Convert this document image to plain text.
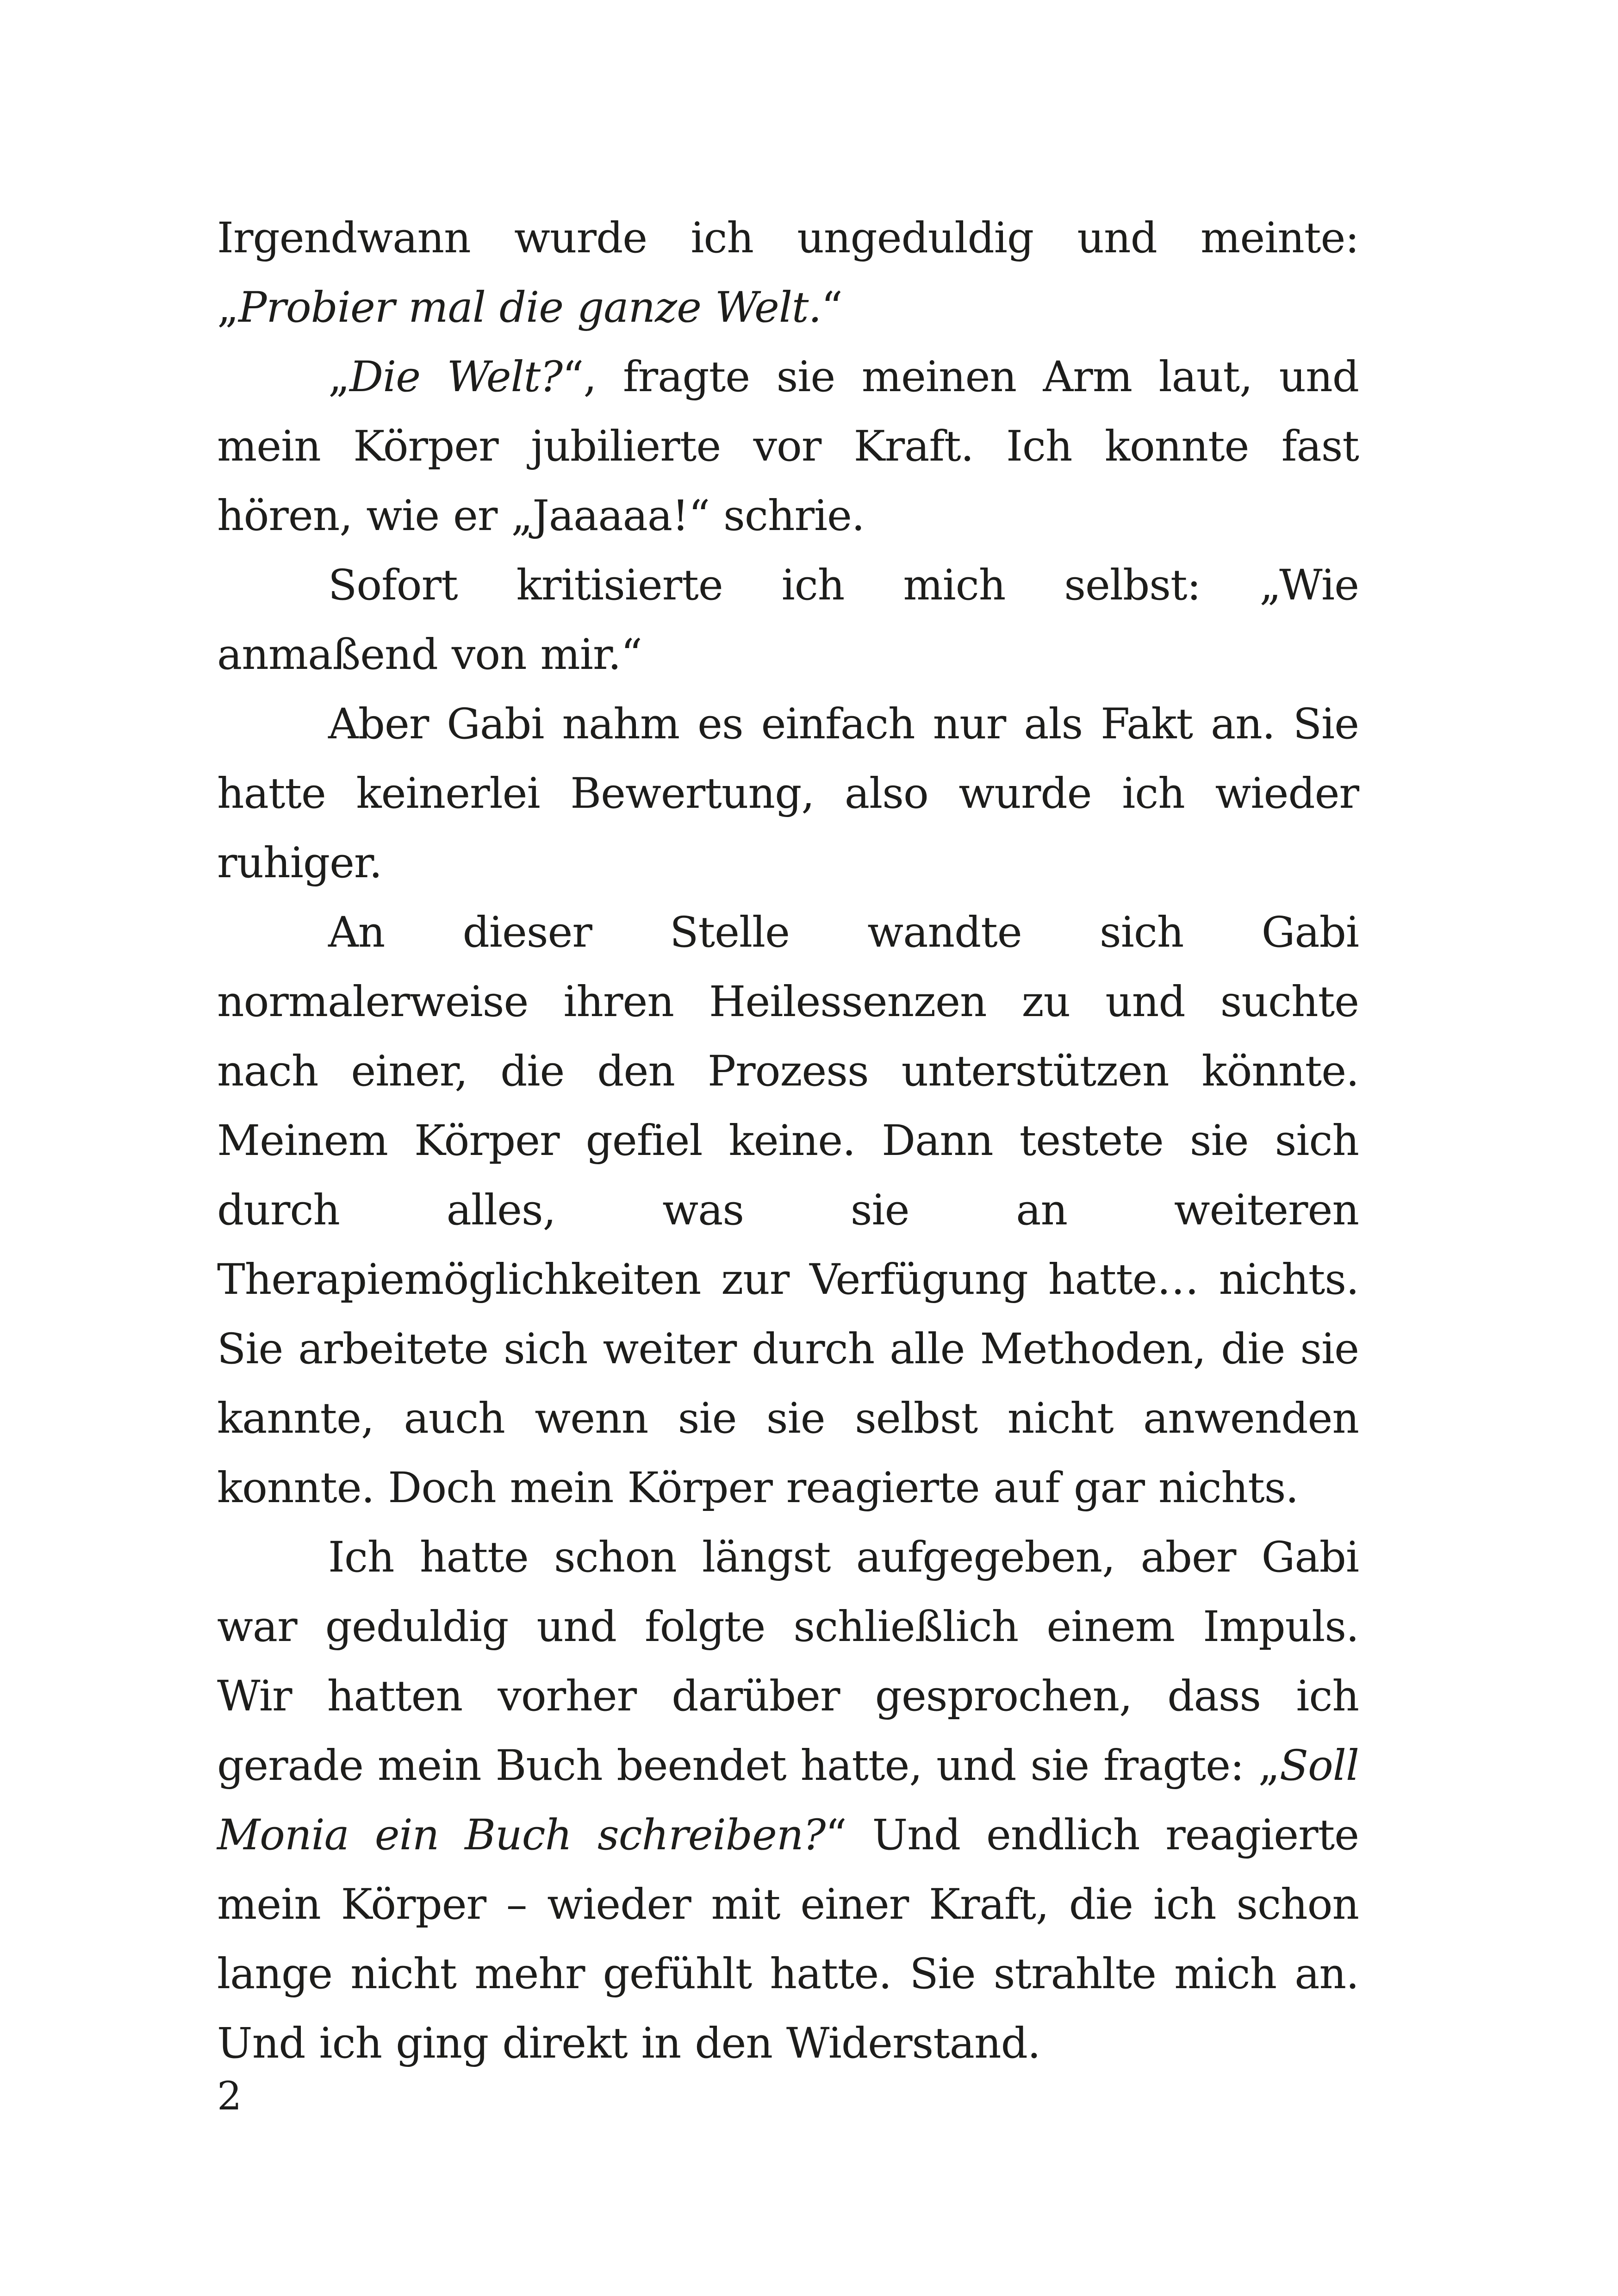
Irgendwann wurde ich ungeduldig und meinte: „Probier mal die ganze Welt.“

„Die Welt?“, fragte sie meinen Arm laut, und mein Körper jubilierte vor Kraft. Ich konnte fast hören, wie er „Jaaaaa!“ schrie.

Sofort kritisierte ich mich selbst: „Wie anmaßend von mir.“

Aber Gabi nahm es einfach nur als Fakt an. Sie hatte keinerlei Bewertung, also wurde ich wieder ruhiger.

An dieser Stelle wandte sich Gabi normalerweise ihren Heilessenzen zu und suchte nach einer, die den Prozess unterstützen könnte. Meinem Körper gefiel keine. Dann testete sie sich durch alles, was sie an weiteren Therapiemöglichkeiten zur Verfügung hatte… nichts. Sie arbeitete sich weiter durch alle Methoden, die sie kannte, auch wenn sie sie selbst nicht anwenden konnte. Doch mein Körper reagierte auf gar nichts.

Ich hatte schon längst aufgegeben, aber Gabi war geduldig und folgte schließlich einem Impuls. Wir hatten vorher darüber gesprochen, dass ich gerade mein Buch beendet hatte, und sie fragte: „Soll Monia ein Buch schreiben?“ Und endlich reagierte mein Körper – wieder mit einer Kraft, die ich schon lange nicht mehr gefühlt hatte. Sie strahlte mich an. Und ich ging direkt in den Widerstand.

2
